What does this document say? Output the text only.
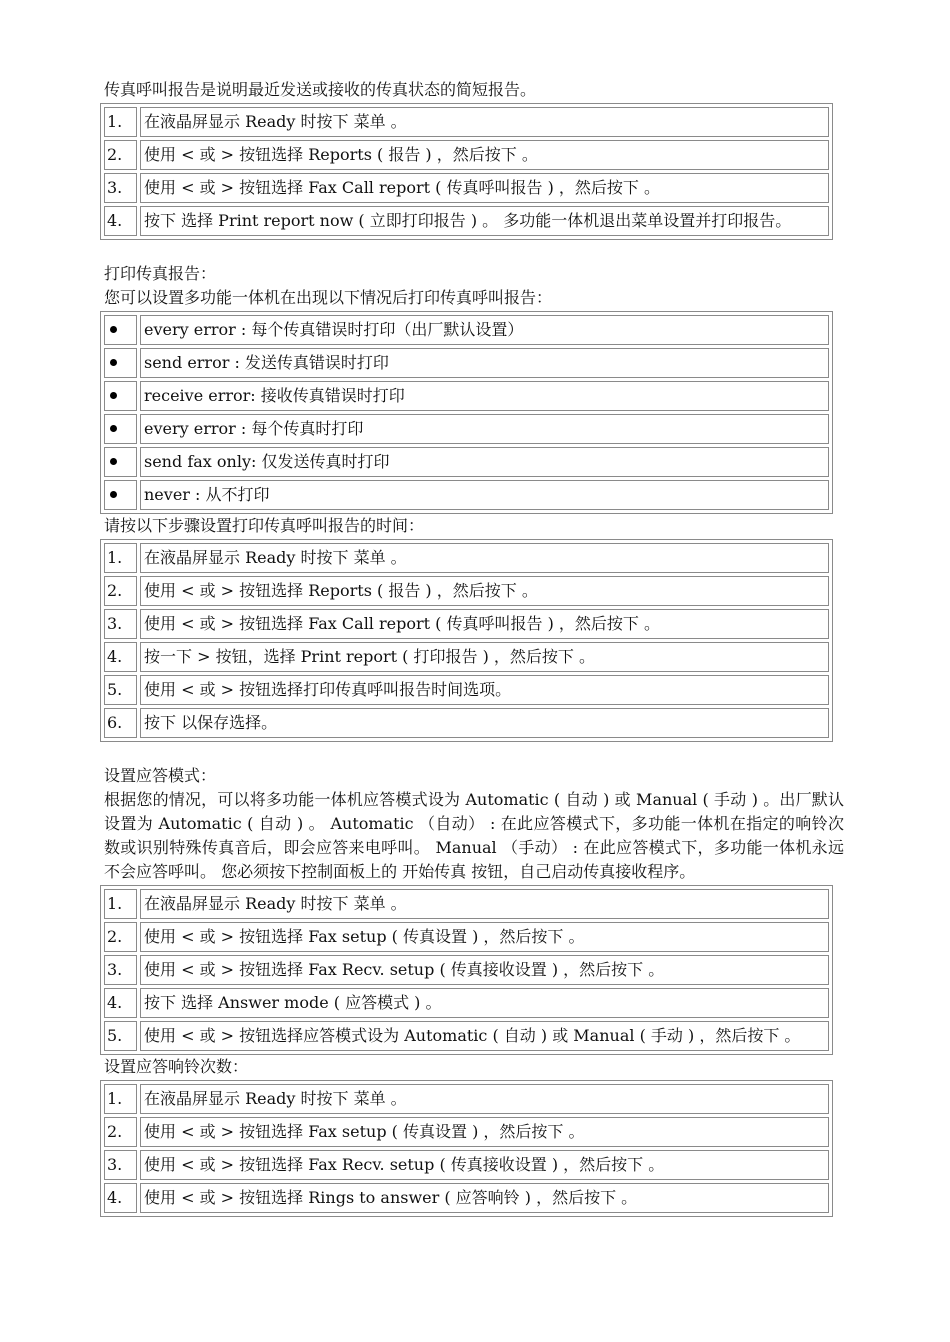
传真呼叫报告是说明最近发送或接收的传真状态的简短报告。

1.	在液晶屏显示 Ready 时按下 菜单 。
2.	使用 < 或 > 按钮选择 Reports ( 报告 ) ，然后按下 。
3.	使用 < 或 > 按钮选择 Fax Call report ( 传真呼叫报告 ) ，然后按下 。
4.	按下 选择 Print report now ( 立即打印报告 ) 。 多功能一体机退出菜单设置并打印报告。

打印传真报告：

您可以设置多功能一体机在出现以下情况后打印传真呼叫报告：

	every error : 每个传真错误时打印（出厂默认设置）
	send error : 发送传真错误时打印
	receive error: 接收传真错误时打印
	every error : 每个传真时打印
	send fax only: 仅发送传真时打印
	never : 从不打印

请按以下步骤设置打印传真呼叫报告的时间：

1.	在液晶屏显示 Ready 时按下 菜单 。
2.	使用 < 或 > 按钮选择 Reports ( 报告 ) ，然后按下 。
3.	使用 < 或 > 按钮选择 Fax Call report ( 传真呼叫报告 ) ，然后按下 。
4.	按一下 > 按钮，选择 Print report ( 打印报告 ) ，然后按下 。
5.	使用 < 或 > 按钮选择打印传真呼叫报告时间选项。
6.	按下 以保存选择。

设置应答模式：

根据您的情况，可以将多功能一体机应答模式设为 Automatic ( 自动 ) 或 Manual ( 手动 ) 。出厂默认设置为 Automatic ( 自动 ) 。 Automatic （自动） : 在此应答模式下，多功能一体机在指定的响铃次数或识别特殊传真音后，即会应答来电呼叫。 Manual （手动） : 在此应答模式下，多功能一体机永远不会应答呼叫。 您必须按下控制面板上的 开始传真 按钮，自己启动传真接收程序。

1.	在液晶屏显示 Ready 时按下 菜单 。
2.	使用 < 或 > 按钮选择 Fax setup ( 传真设置 ) ，然后按下 。
3.	使用 < 或 > 按钮选择 Fax Recv. setup ( 传真接收设置 ) ，然后按下 。
4.	按下 选择 Answer mode ( 应答模式 ) 。
5.	使用 < 或 > 按钮选择应答模式设为 Automatic ( 自动 ) 或 Manual ( 手动 ) ，然后按下 。

设置应答响铃次数：

1.	在液晶屏显示 Ready 时按下 菜单 。
2.	使用 < 或 > 按钮选择 Fax setup ( 传真设置 ) ，然后按下 。
3.	使用 < 或 > 按钮选择 Fax Recv. setup ( 传真接收设置 ) ，然后按下 。
4.	使用 < 或 > 按钮选择 Rings to answer ( 应答响铃 ) ，然后按下 。
